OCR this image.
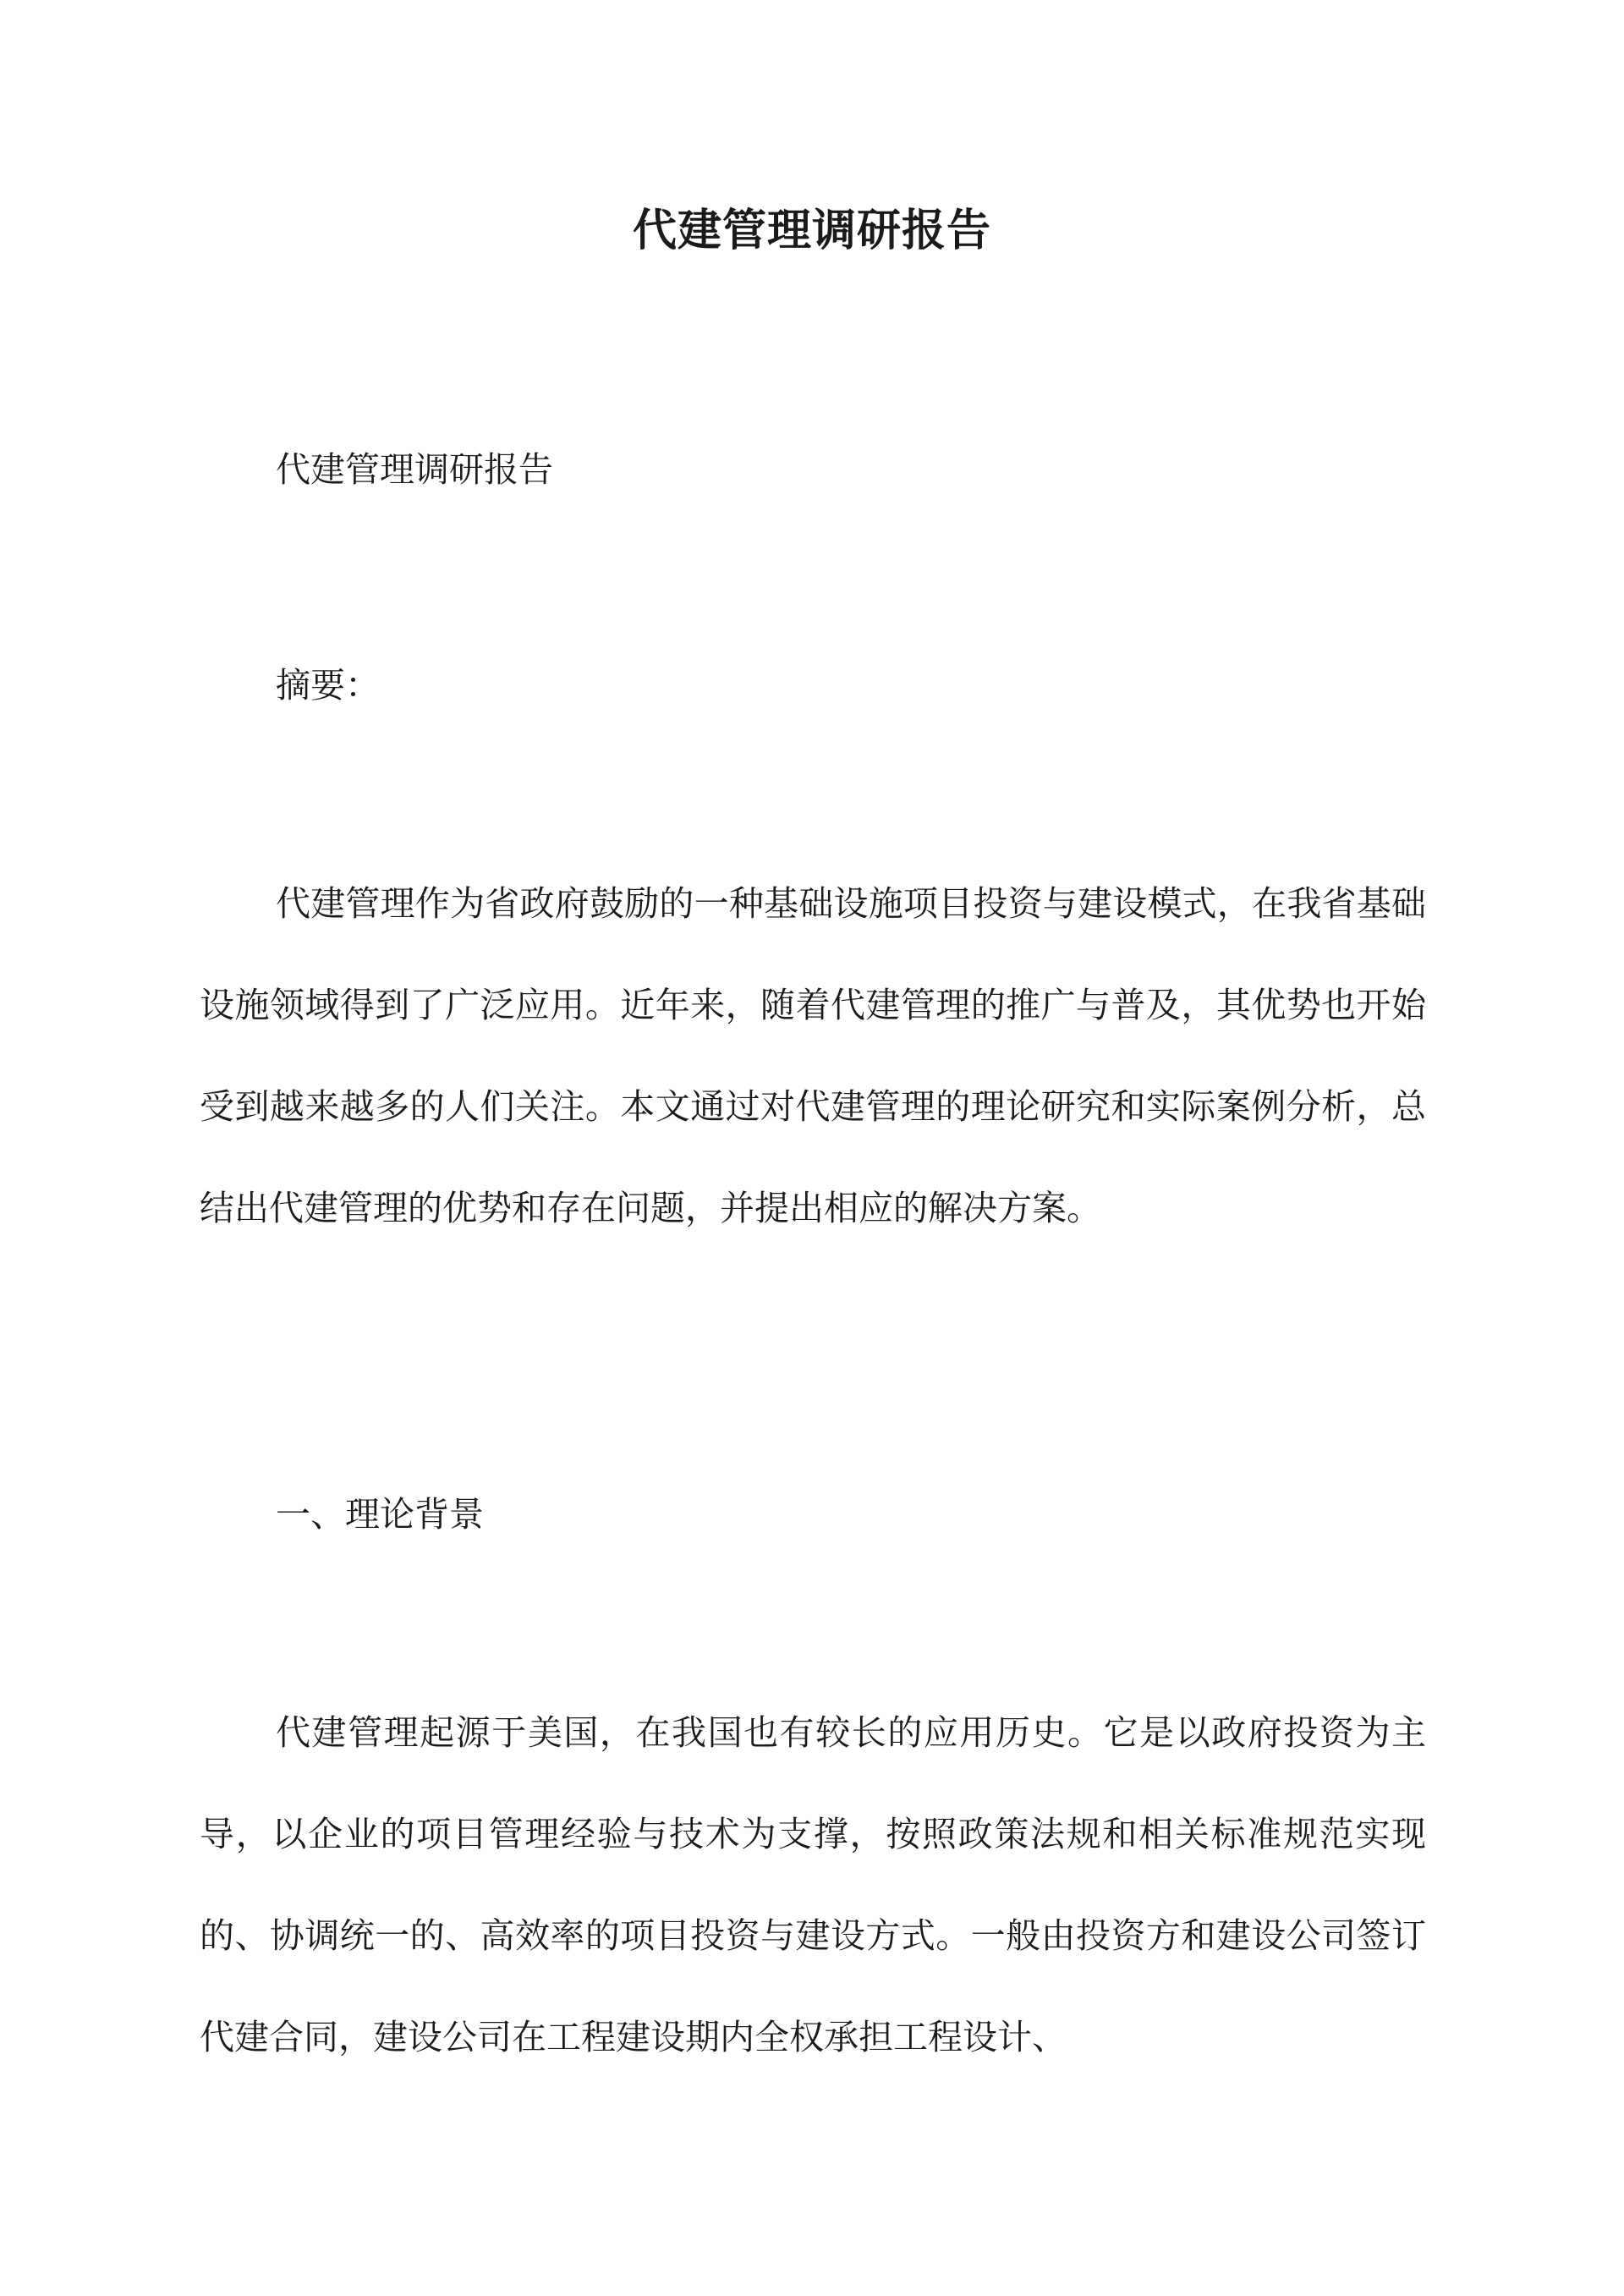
代建管理调研报告

代建管理调研报告

摘要：

代建管理作为省政府鼓励的一种基础设施项目投资与建设模式，在我省基础设施领域得到了广泛应用。近年来，随着代建管理的推广与普及，其优势也开始受到越来越多的人们关注。本文通过对代建管理的理论研究和实际案例分析，总结出代建管理的优势和存在问题，并提出相应的解决方案。

一、理论背景

代建管理起源于美国，在我国也有较长的应用历史。它是以政府投资为主导，以企业的项目管理经验与技术为支撑，按照政策法规和相关标准规范实现的、协调统一的、高效率的项目投资与建设方式。一般由投资方和建设公司签订代建合同，建设公司在工程建设期内全权承担工程设计、
